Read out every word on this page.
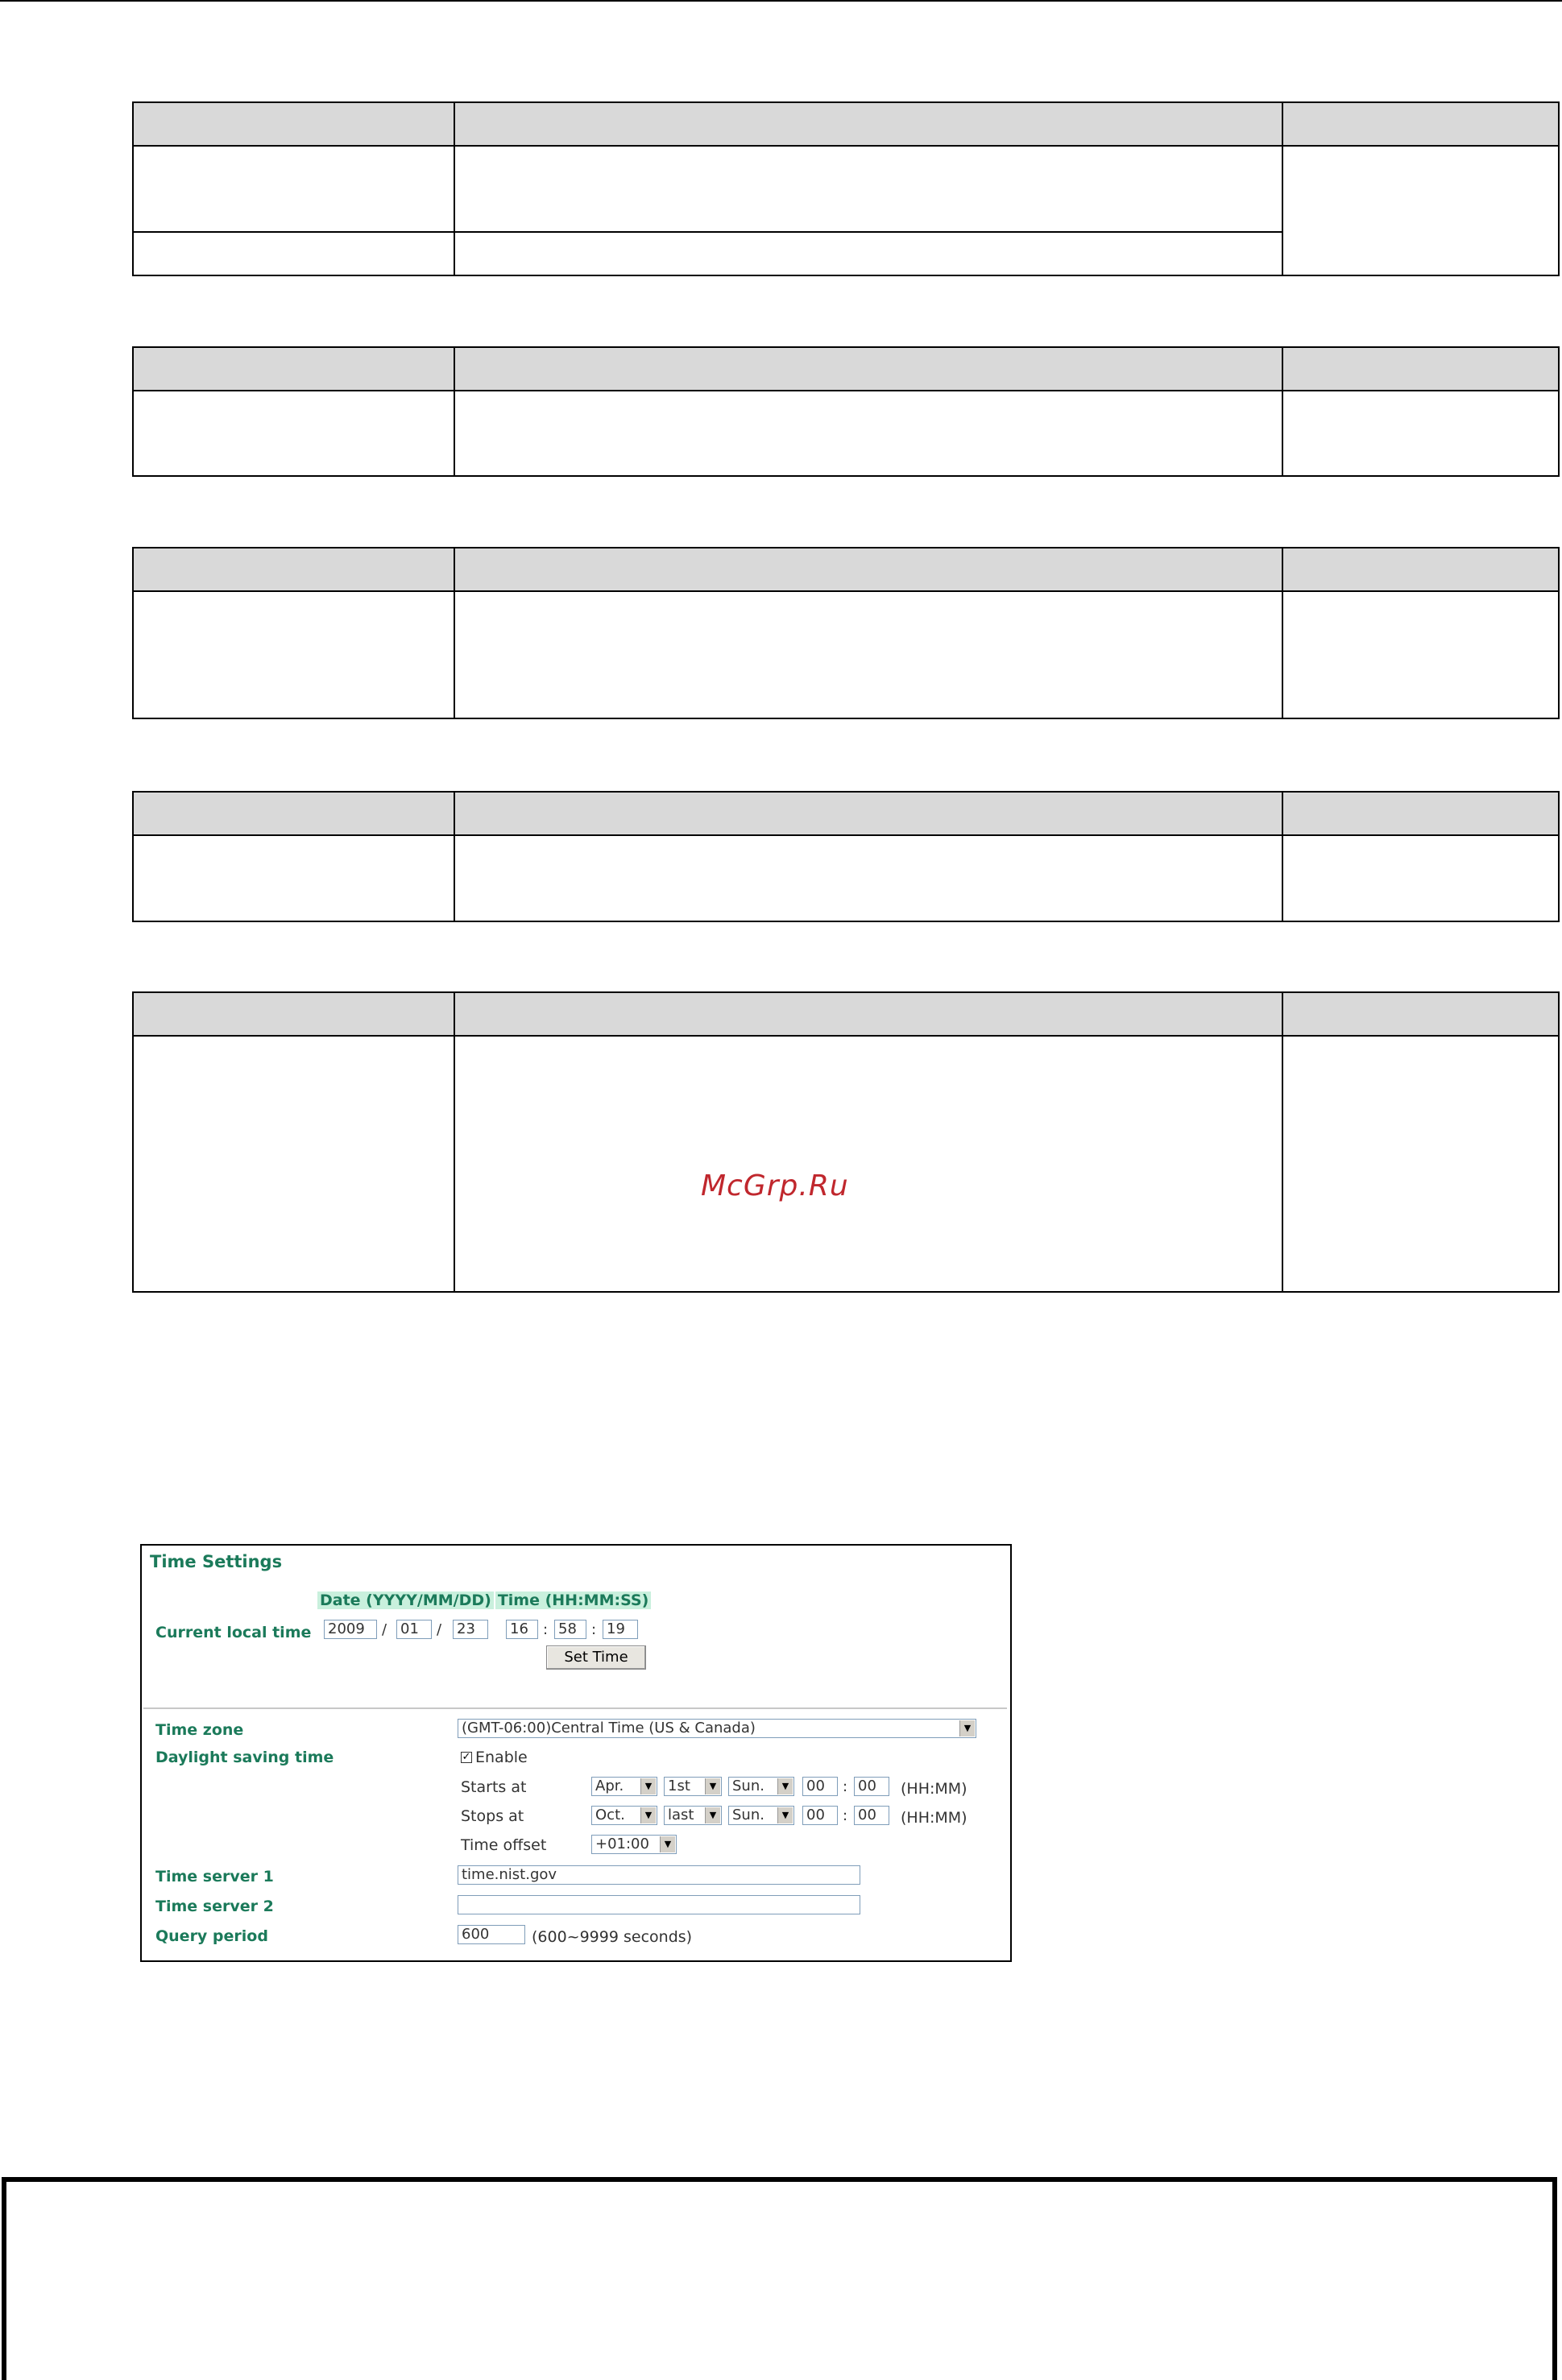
McGrp.Ru
Time Settings
Date (YYYY/MM/DD) Time (HH:MM:SS)
Current local time 2009	/ 01	/ 23	16	: 58	: 19
Set Time
Time zone	(GMT-06:00)Central Time (US & Canada)	▼
Daylight saving time	✓ Enable
Starts at	Apr.	▼ 1st	▼ Sun.	▼ 00	: 00	(HH:MM)
Stops at	Oct.	▼ last	▼ Sun.	▼ 00	: 00	(HH:MM)
Time offset	+01:00	▼
Time server 1	time.nist.gov
Time server 2
Query period	600	(600~9999 seconds)
